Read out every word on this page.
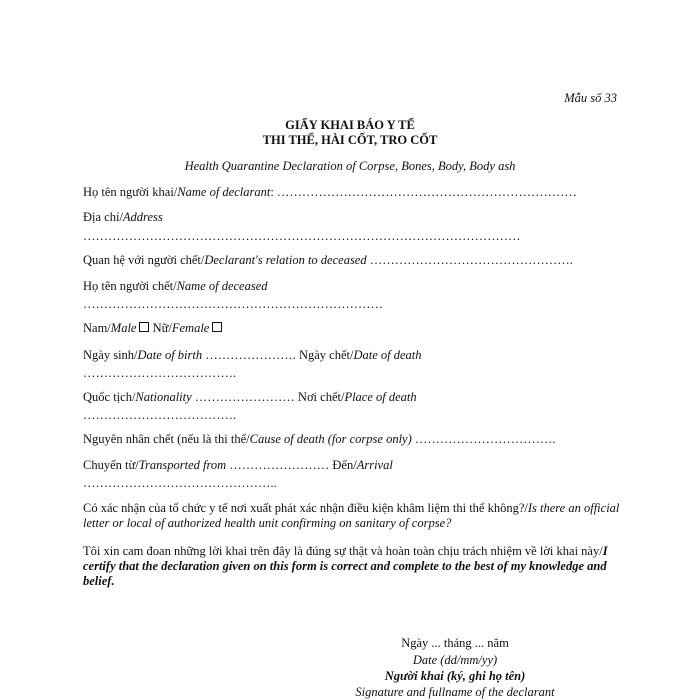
Mẫu số 33
GIẤY KHAI BÁO Y TẾ
THI THỂ, HÀI CỐT, TRO CỐT
Health Quarantine Declaration of Corpse, Bones, Body, Body ash
Họ tên người khai/Name of declarant: ………………………………………………………………
Địa chỉ/Address
……………………………………………………………………………………………
Quan hệ với người chết/Declarant's relation to deceased ………………………………………….
Họ tên người chết/Name of deceased
………………………………………………………………
Nam/Male Nữ/Female
Ngày sinh/Date of birth …………………. Ngày chết/Date of death
……………………………….
Quốc tịch/Nationality …………………… Nơi chết/Place of death
……………………………….
Nguyên nhân chết (nếu là thi thể/Cause of death (for corpse only) …………………………….
Chuyển từ/Transported from …………………… Đến/Arrival
………………………………………..
Có xác nhận của tổ chức y tế nơi xuất phát xác nhận điều kiện khâm liệm thi thể không?/Is there an official letter or local of authorized health unit confirming on sanitary of corpse?
Tôi xin cam đoan những lời khai trên đây là đúng sự thật và hoàn toàn chịu trách nhiệm về lời khai này/I certify that the declaration given on this form is correct and complete to the best of my knowledge and belief.
Ngày ... tháng ... năm
Date (dd/mm/yy)
Người khai (ký, ghi họ tên)
Signature and fullname of the declarant
